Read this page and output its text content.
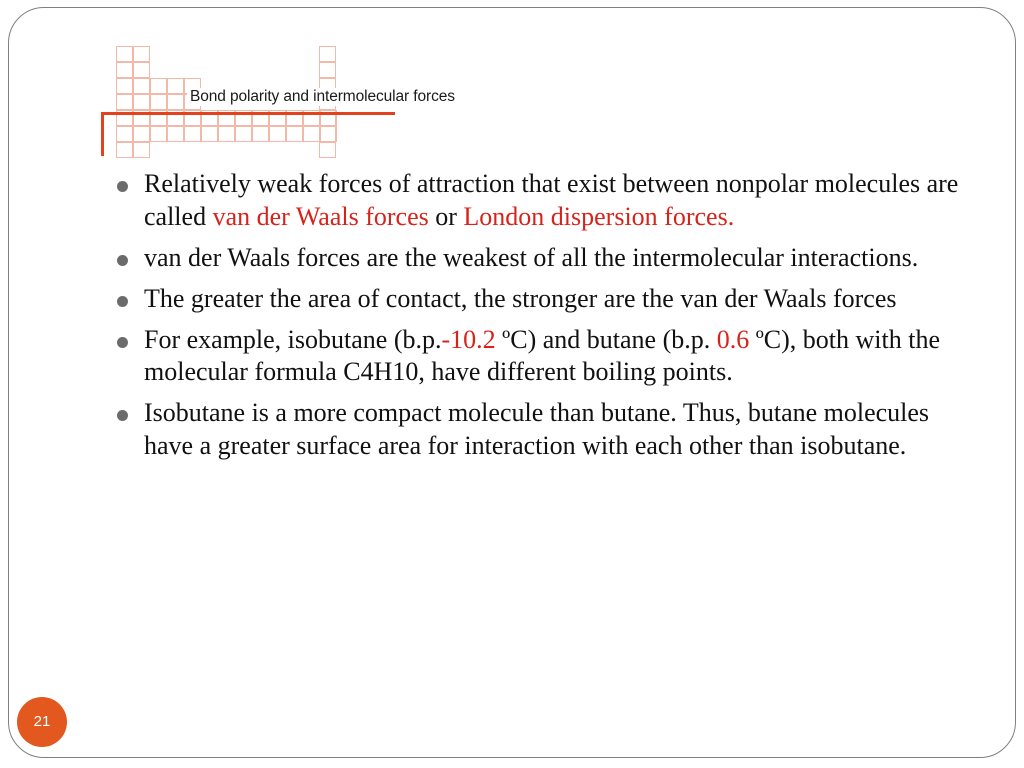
Bond polarity and intermolecular forces
Relatively weak forces of attraction that exist between nonpolar molecules are called van der Waals forces or London dispersion forces.
van der Waals forces are the weakest of all the intermolecular interactions.
The greater the area of contact, the stronger are the van der Waals forces
For example, isobutane (b.p.-10.2 ºC) and butane (b.p. 0.6 ºC), both with the molecular formula C4H10, have different boiling points.
Isobutane is a more compact molecule than butane. Thus, butane molecules have a greater surface area for interaction with each other than isobutane.
21
